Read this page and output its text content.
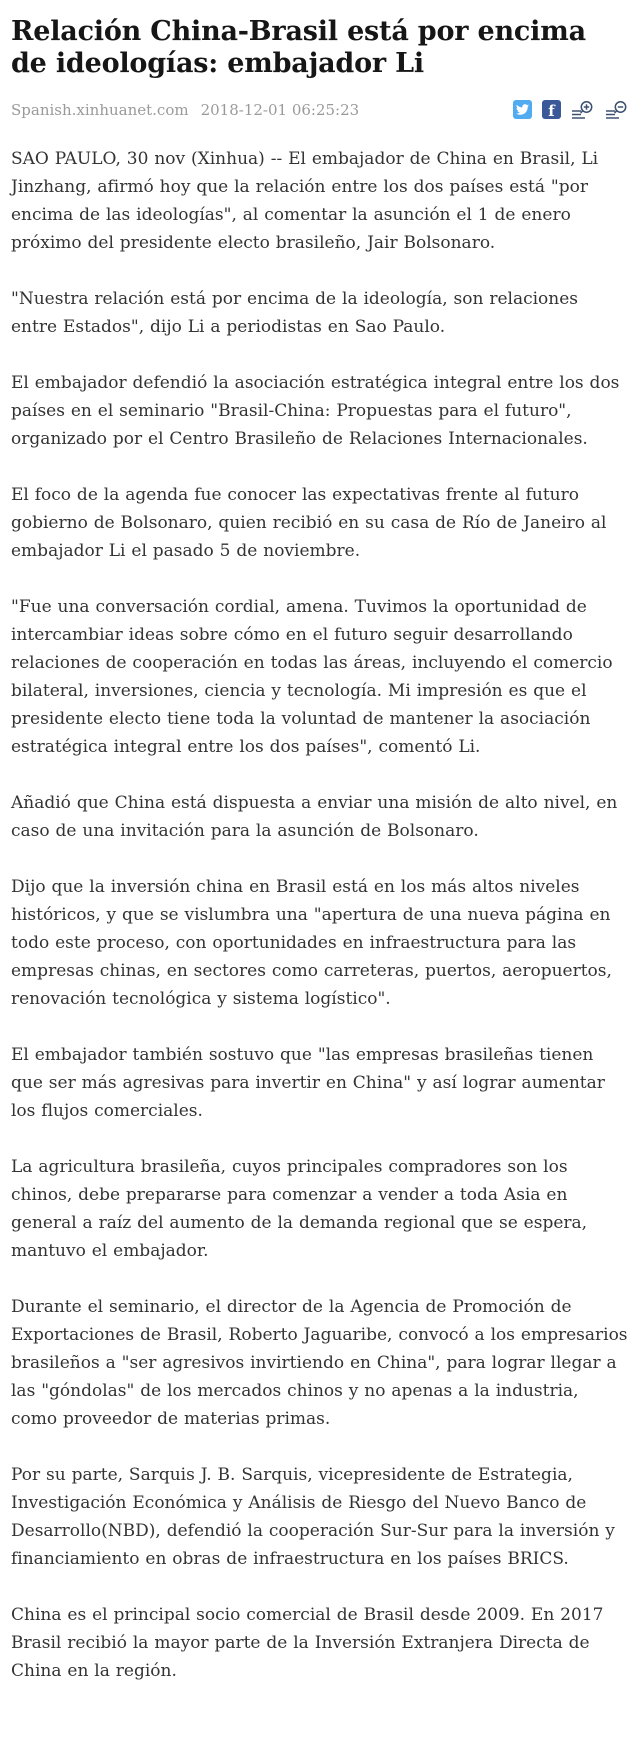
Relación China-Brasil está por encima de ideologías: embajador Li
Spanish.xinhuanet.com 2018-12-01 06:25:23	f

SAO PAULO, 30 nov (Xinhua) -- El embajador de China en Brasil, Li Jinzhang, afirmó hoy que la relación entre los dos países está "por encima de las ideologías", al comentar la asunción el 1 de enero próximo del presidente electo brasileño, Jair Bolsonaro.

"Nuestra relación está por encima de la ideología, son relaciones entre Estados", dijo Li a periodistas en Sao Paulo.

El embajador defendió la asociación estratégica integral entre los dos países en el seminario "Brasil-China: Propuestas para el futuro", organizado por el Centro Brasileño de Relaciones Internacionales.

El foco de la agenda fue conocer las expectativas frente al futuro gobierno de Bolsonaro, quien recibió en su casa de Río de Janeiro al embajador Li el pasado 5 de noviembre.

"Fue una conversación cordial, amena. Tuvimos la oportunidad de intercambiar ideas sobre cómo en el futuro seguir desarrollando relaciones de cooperación en todas las áreas, incluyendo el comercio bilateral, inversiones, ciencia y tecnología. Mi impresión es que el presidente electo tiene toda la voluntad de mantener la asociación estratégica integral entre los dos países", comentó Li.

Añadió que China está dispuesta a enviar una misión de alto nivel, en caso de una invitación para la asunción de Bolsonaro.

Dijo que la inversión china en Brasil está en los más altos niveles históricos, y que se vislumbra una "apertura de una nueva página en todo este proceso, con oportunidades en infraestructura para las empresas chinas, en sectores como carreteras, puertos, aeropuertos, renovación tecnológica y sistema logístico".

El embajador también sostuvo que "las empresas brasileñas tienen que ser más agresivas para invertir en China" y así lograr aumentar los flujos comerciales.

La agricultura brasileña, cuyos principales compradores son los chinos, debe prepararse para comenzar a vender a toda Asia en general a raíz del aumento de la demanda regional que se espera, mantuvo el embajador.

Durante el seminario, el director de la Agencia de Promoción de Exportaciones de Brasil, Roberto Jaguaribe, convocó a los empresarios brasileños a "ser agresivos invirtiendo en China", para lograr llegar a las "góndolas" de los mercados chinos y no apenas a la industria, como proveedor de materias primas.

Por su parte, Sarquis J. B. Sarquis, vicepresidente de Estrategia, Investigación Económica y Análisis de Riesgo del Nuevo Banco de Desarrollo(NBD), defendió la cooperación Sur-Sur para la inversión y financiamiento en obras de infraestructura en los países BRICS.

China es el principal socio comercial de Brasil desde 2009. En 2017 Brasil recibió la mayor parte de la Inversión Extranjera Directa de China en la región.
